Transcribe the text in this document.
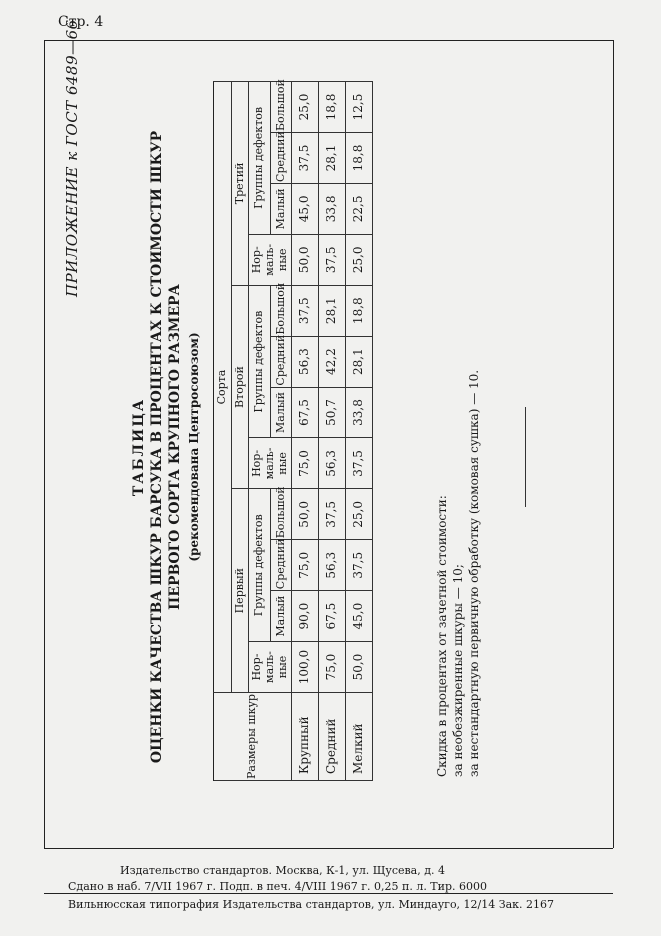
Стр. 4
ПРИЛОЖЕНИЕ к ГОСТ 6489—66
ТАБЛИЦА ОЦЕНКИ КАЧЕСТВА ШКУР БАРСУКА В ПРОЦЕНТАХ К СТОИМОСТИ ШКУР ПЕРВОГО СОРТА КРУПНОГО РАЗМЕРА (рекомендована Центросоюзом)
Размеры шкур	Сорта											
	Первый				Второй				Третий			
	Нор-маль-ные	Группы дефектов			Нор-маль-ные	Группы дефектов			Нор-маль-ные	Группы дефектов		
		Малый	Средний	Большой		Малый	Средний	Большой		Малый	Средний	Большой
Крупный	100,0	90,0	75,0	50,0	75,0	67,5	56,3	37,5	50,0	45,0	37,5	25,0
Средний	75,0	67,5	56,3	37,5	56,3	50,7	42,2	28,1	37,5	33,8	28,1	18,8
Мелкий	50,0	45,0	37,5	25,0	37,5	33,8	28,1	18,8	25,0	22,5	18,8	12,5
Скидка в процентах от зачетной стоимости: за необезжиренные шкуры — 10; за нестандартную первичную обработку (комовая сушка) — 10.
Издательство стандартов. Москва, К-1, ул. Щусева, д. 4
Сдано в наб. 7/VII 1967 г. Подп. в печ. 4/VIII 1967 г. 0,25 п. л. Тир. 6000
Вильнюсская типография Издательства стандартов, ул. Миндауго, 12/14 Зак. 2167
